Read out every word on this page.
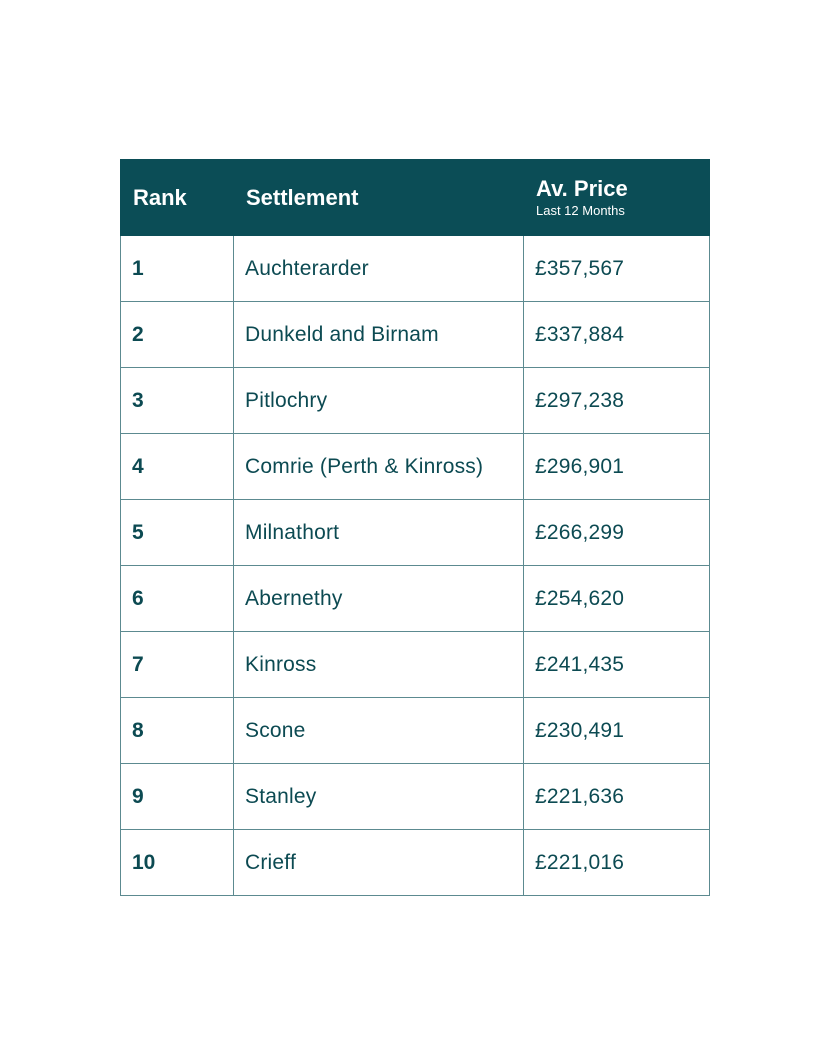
Rank	Settlement	Av. Price
Last 12 Months

1	Auchterarder	£357,567
2	Dunkeld and Birnam	£337,884
3	Pitlochry	£297,238
4	Comrie (Perth & Kinross)	£296,901
5	Milnathort	£266,299
6	Abernethy	£254,620
7	Kinross	£241,435
8	Scone	£230,491
9	Stanley	£221,636
10	Crieff	£221,016
